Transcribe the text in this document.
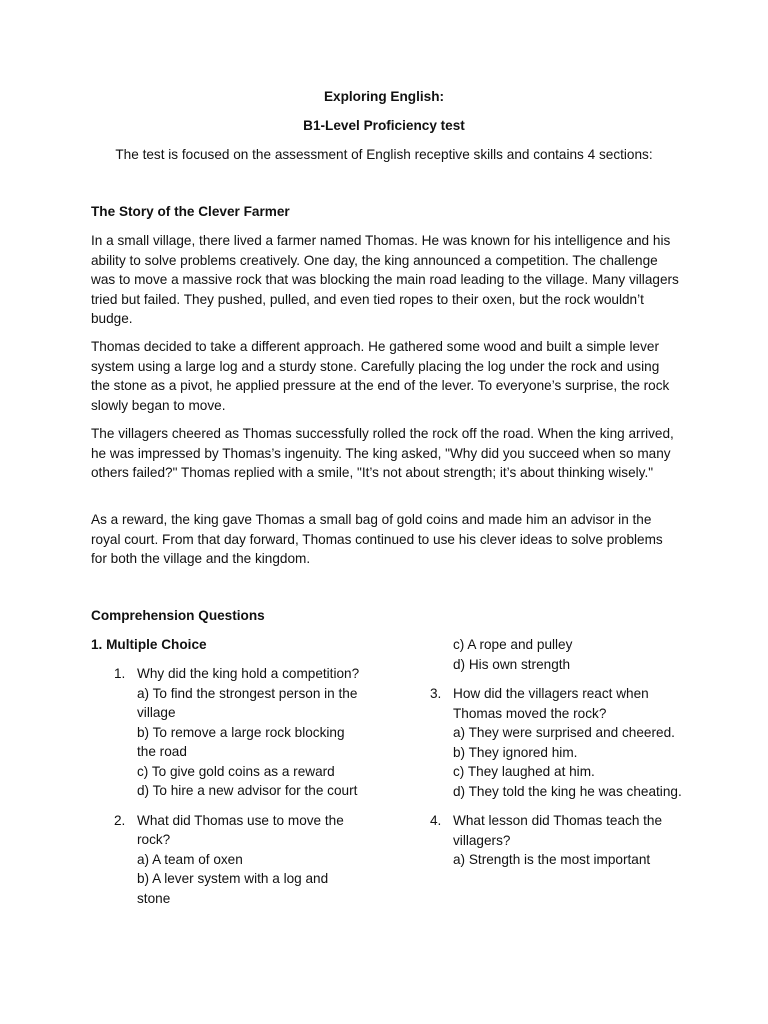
Exploring English:
B1-Level Proficiency test
The test is focused on the assessment of English receptive skills and contains 4 sections:
The Story of the Clever Farmer

In a small village, there lived a farmer named Thomas. He was known for his intelligence and his ability to solve problems creatively. One day, the king announced a competition. The challenge was to move a massive rock that was blocking the main road leading to the village. Many villagers tried but failed. They pushed, pulled, and even tied ropes to their oxen, but the rock wouldn’t budge.

Thomas decided to take a different approach. He gathered some wood and built a simple lever system using a large log and a sturdy stone. Carefully placing the log under the rock and using the stone as a pivot, he applied pressure at the end of the lever. To everyone’s surprise, the rock slowly began to move.

The villagers cheered as Thomas successfully rolled the rock off the road. When the king arrived, he was impressed by Thomas’s ingenuity. The king asked, "Why did you succeed when so many others failed?" Thomas replied with a smile, "It’s not about strength; it’s about thinking wisely."

As a reward, the king gave Thomas a small bag of gold coins and made him an advisor in the royal court. From that day forward, Thomas continued to use his clever ideas to solve problems for both the village and the kingdom.

Comprehension Questions
1. Multiple Choice
1. Why did the king hold a competition?
a) To find the strongest person in the village
b) To remove a large rock blocking the road
c) To give gold coins as a reward
d) To hire a new advisor for the court
2. What did Thomas use to move the rock?
a) A team of oxen
b) A lever system with a log and stone
c) A rope and pulley
d) His own strength
3. How did the villagers react when Thomas moved the rock?
a) They were surprised and cheered.
b) They ignored him.
c) They laughed at him.
d) They told the king he was cheating.
4. What lesson did Thomas teach the villagers?
a) Strength is the most important
